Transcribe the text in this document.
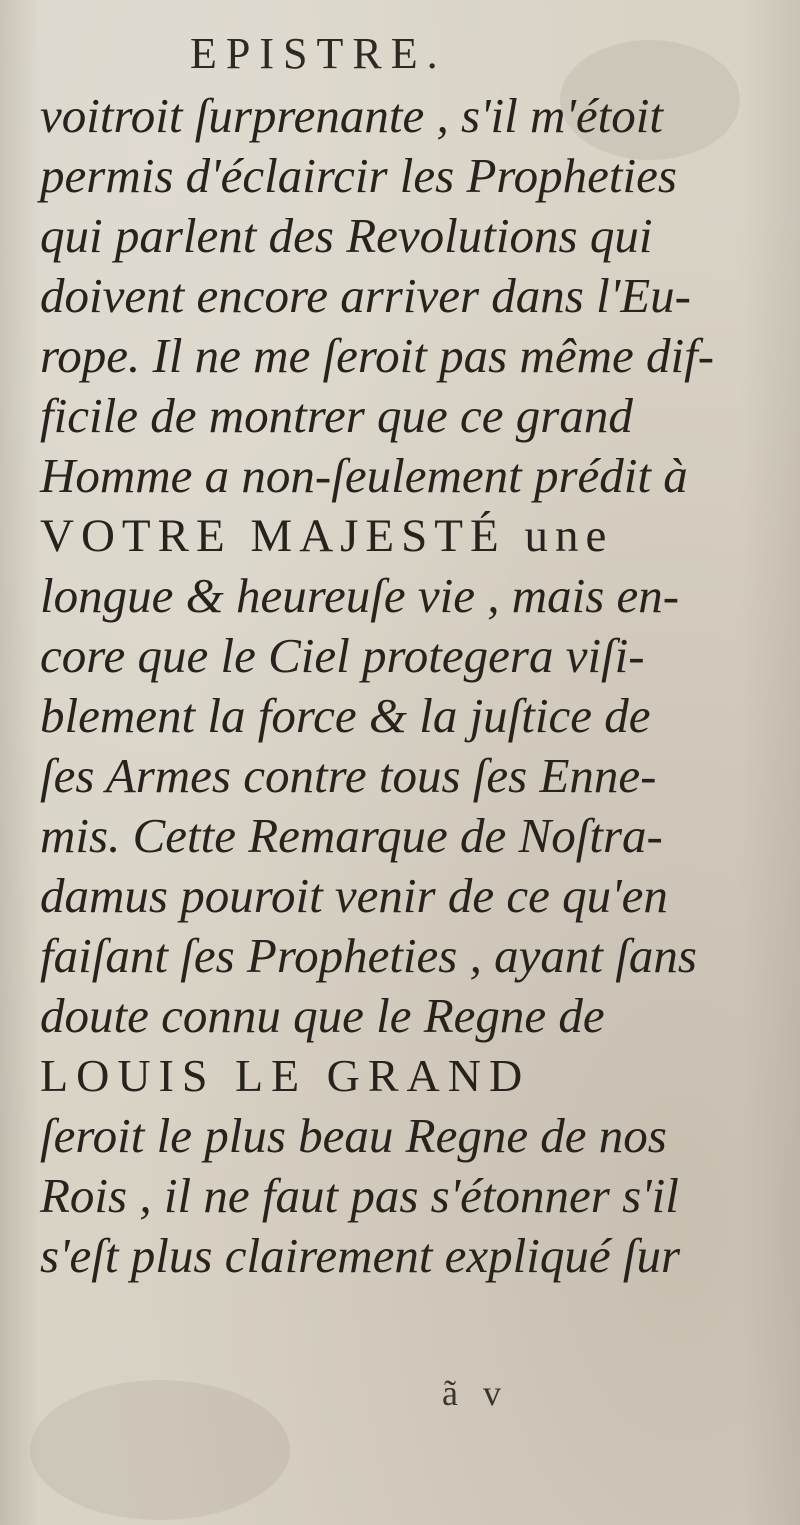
EPISTRE.
voitroit ſurprenante , s'il m'étoit
permis d'éclaircir les Propheties
qui parlent des Revolutions qui
doivent encore arriver dans l'Eu-
rope. Il ne me ſeroit pas même dif-
ficile de montrer que ce grand
Homme a non-ſeulement prédit à
VOTRE MAJESTÉ une
longue & heureuſe vie , mais en-
core que le Ciel protegera viſi-
blement la force & la juſtice de
ſes Armes contre tous ſes Enne-
mis. Cette Remarque de Noſtra-
damus pouroit venir de ce qu'en
faiſant ſes Propheties , ayant ſans
doute connu que le Regne de
LOUIS LE GRAND
ſeroit le plus beau Regne de nos
Rois , il ne faut pas s'étonner s'il
s'eſt plus clairement expliqué ſur
ã v
